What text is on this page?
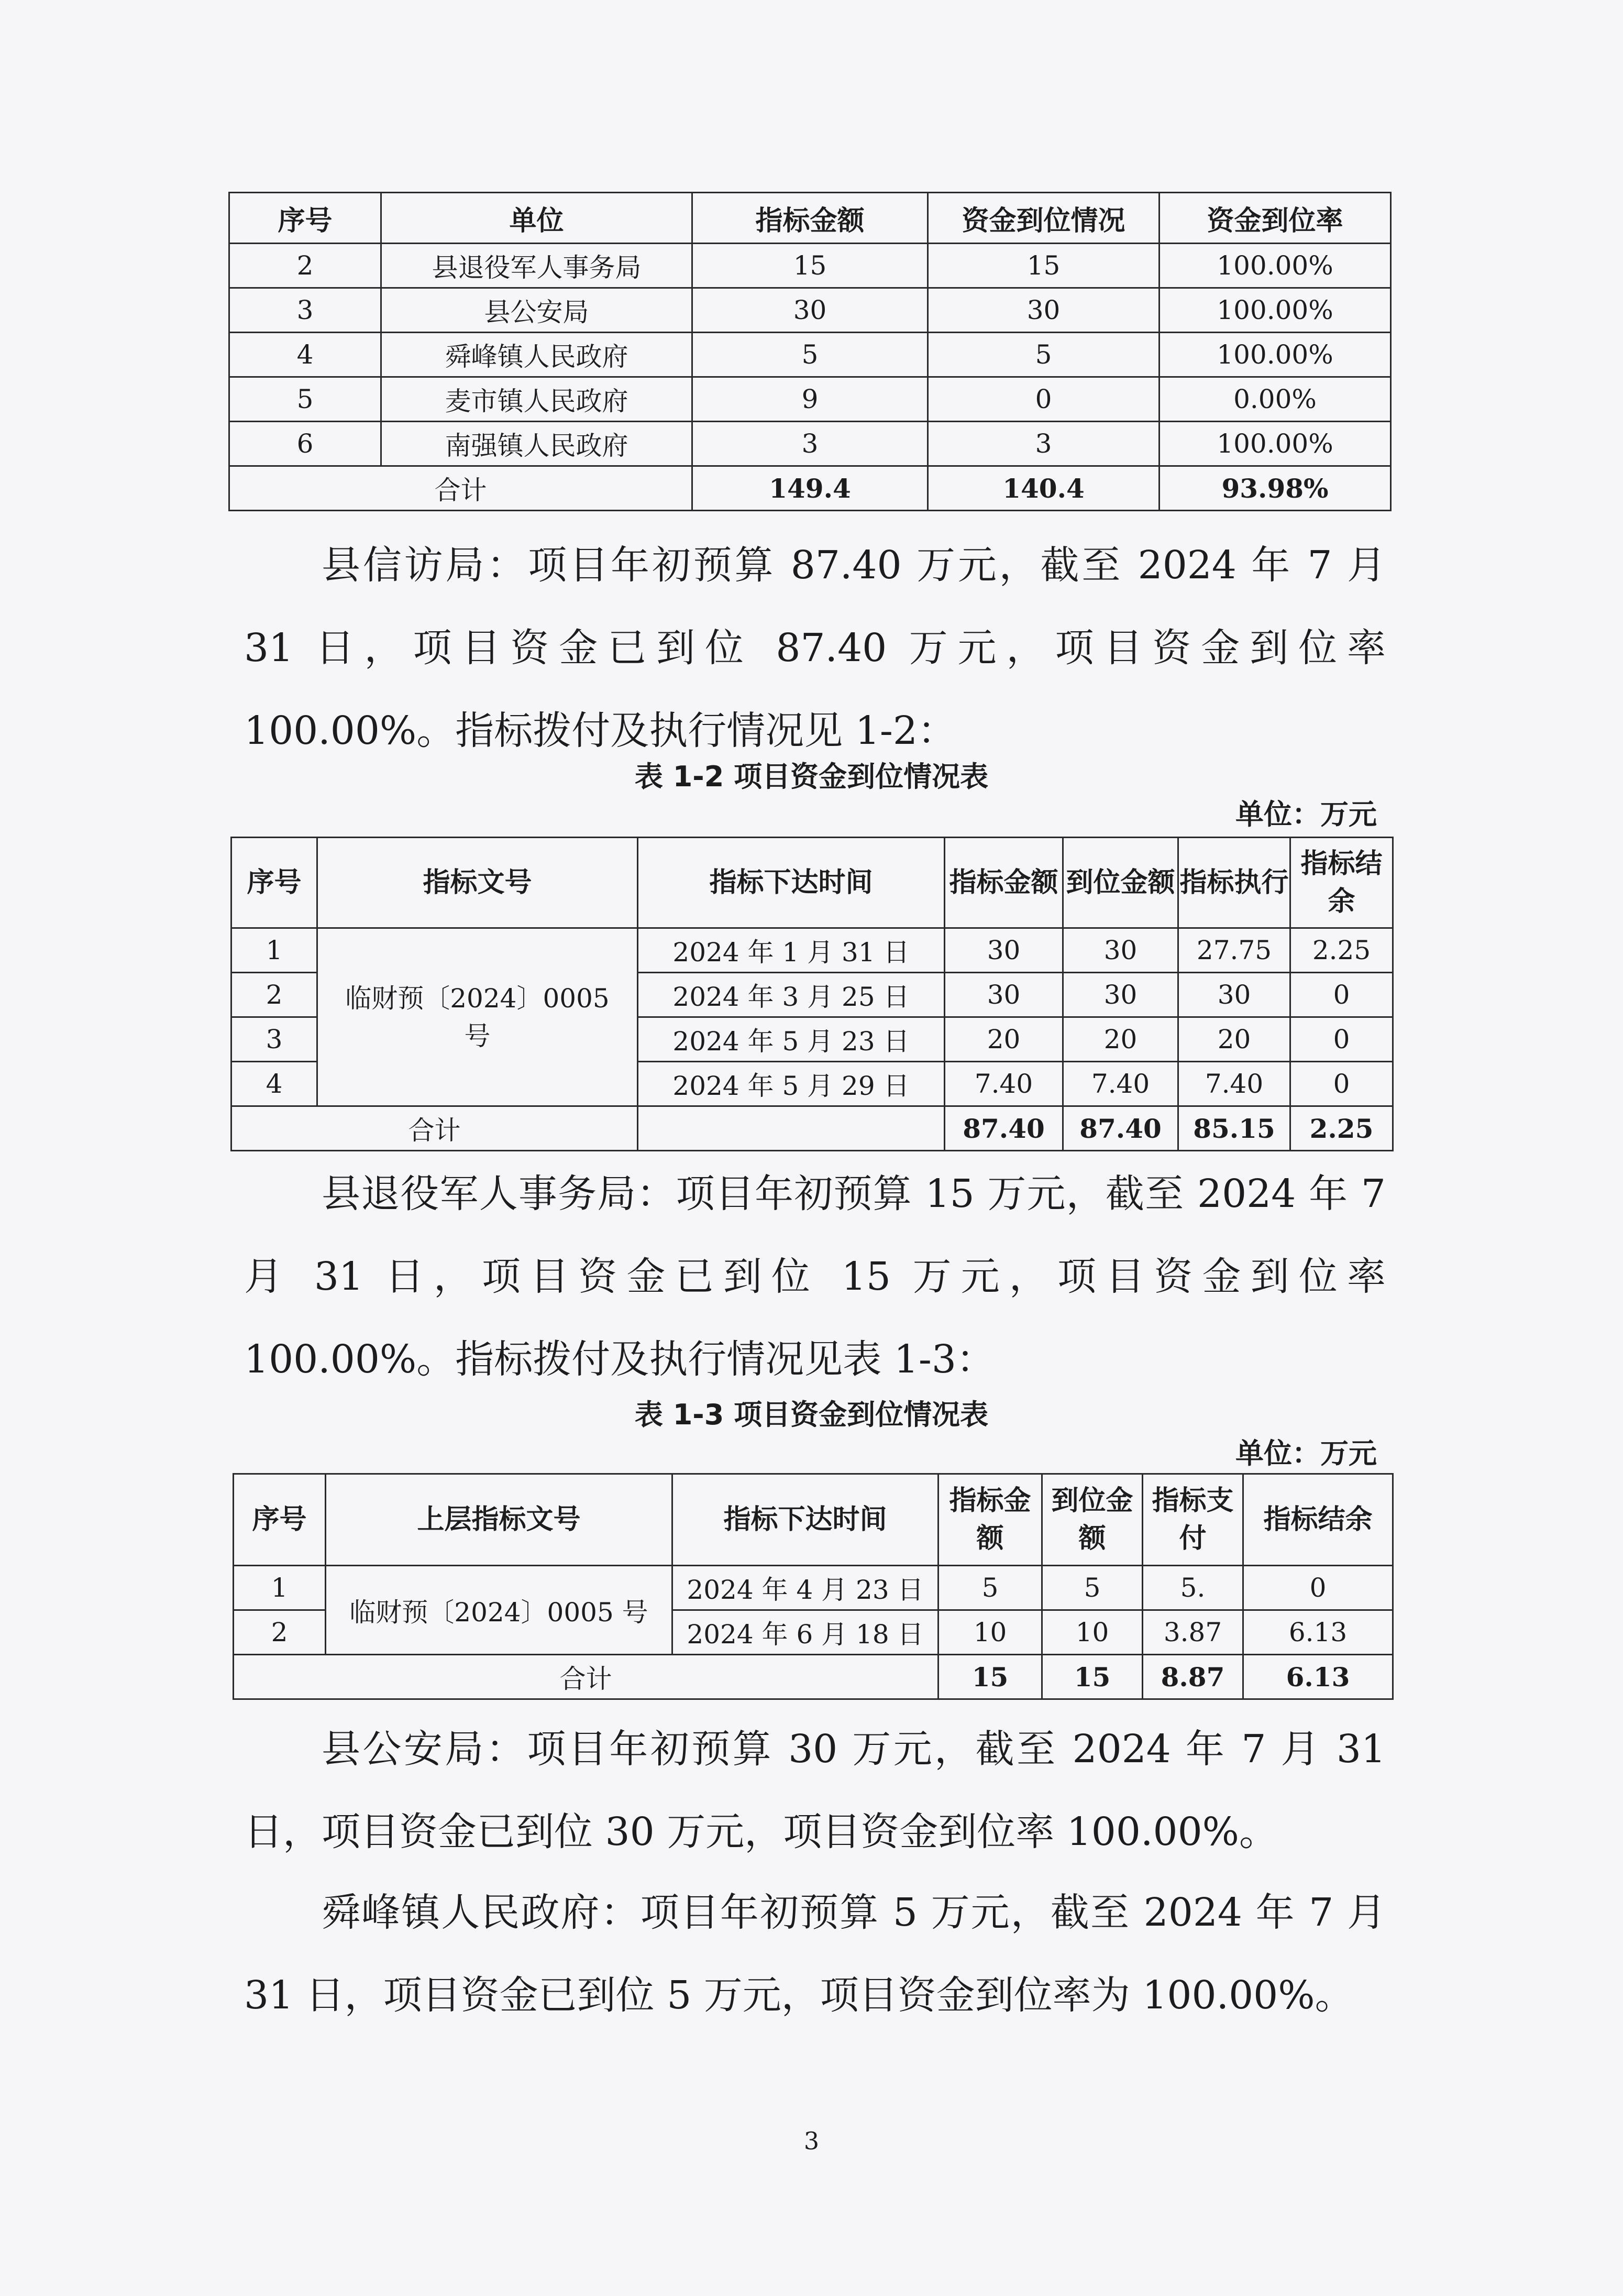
序号	单位	指标金额	资金到位情况	资金到位率
2	县退役军人事务局	15	15	100.00%
3	县公安局	30	30	100.00%
4	舜峰镇人民政府	5	5	100.00%
5	麦市镇人民政府	9	0	0.00%
6	南强镇人民政府	3	3	100.00%
合计		149.4	140.4	93.98%

县信访局：项目年初预算 87.40 万元，截至 2024 年 7 月 31 日，项目资金已到位 87.40 万元，项目资金到位率 100.00%。指标拨付及执行情况见 1-2：

表 1-2 项目资金到位情况表
单位：万元
序号	指标文号	指标下达时间	指标金额	到位金额	指标执行	指标结余
1	临财预〔2024〕0005号	2024 年 1 月 31 日	30	30	27.75	2.25
2		2024 年 3 月 25 日	30	30	30	0
3		2024 年 5 月 23 日	20	20	20	0
4		2024 年 5 月 29 日	7.40	7.40	7.40	0
合计			87.40	87.40	85.15	2.25

县退役军人事务局：项目年初预算 15 万元，截至 2024 年 7 月 31 日，项目资金已到位 15 万元，项目资金到位率 100.00%。指标拨付及执行情况见表 1-3：

表 1-3 项目资金到位情况表
单位：万元
序号	上层指标文号	指标下达时间	指标金额	到位金额	指标支付	指标结余
1	临财预〔2024〕0005 号	2024 年 4 月 23 日	5	5	5.	0
2		2024 年 6 月 18 日	10	10	3.87	6.13
合计			15	15	8.87	6.13

县公安局：项目年初预算 30 万元，截至 2024 年 7 月 31 日，项目资金已到位 30 万元，项目资金到位率 100.00%。

舜峰镇人民政府：项目年初预算 5 万元，截至 2024 年 7 月 31 日，项目资金已到位 5 万元，项目资金到位率为 100.00%。

3
